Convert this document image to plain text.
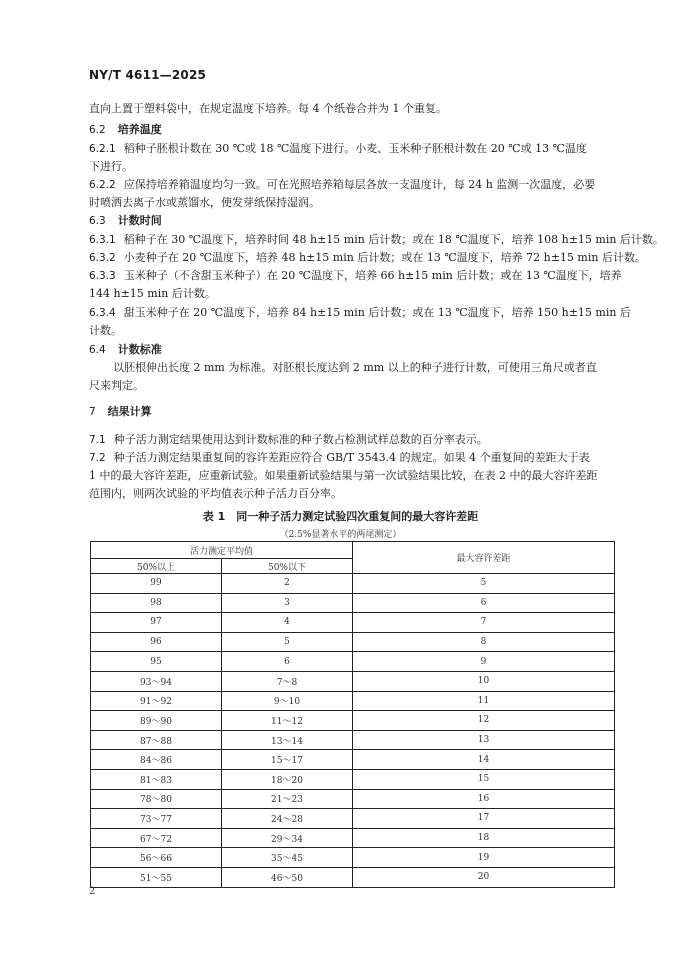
NY/T 4611—2025
直向上置于塑料袋中，在规定温度下培养。每 4 个纸卷合并为 1 个重复。
6.2 培养温度
6.2.1 稻种子胚根计数在 30 ℃或 18 ℃温度下进行。小麦、玉米种子胚根计数在 20 ℃或 13 ℃温度
下进行。
6.2.2 应保持培养箱温度均匀一致。可在光照培养箱每层各放一支温度计，每 24 h 监测一次温度，必要
时喷洒去离子水或蒸馏水，使发芽纸保持湿润。
6.3 计数时间
6.3.1 稻种子在 30 ℃温度下，培养时间 48 h±15 min 后计数；或在 18 ℃温度下，培养 108 h±15 min 后计数。
6.3.2 小麦种子在 20 ℃温度下，培养 48 h±15 min 后计数；或在 13 ℃温度下，培养 72 h±15 min 后计数。
6.3.3 玉米种子（不含甜玉米种子）在 20 ℃温度下，培养 66 h±15 min 后计数；或在 13 ℃温度下，培养
144 h±15 min 后计数。
6.3.4 甜玉米种子在 20 ℃温度下，培养 84 h±15 min 后计数；或在 13 ℃温度下，培养 150 h±15 min 后
计数。
6.4 计数标准
以胚根伸出长度 2 mm 为标准。对胚根长度达到 2 mm 以上的种子进行计数，可使用三角尺或者直
尺来判定。
7 结果计算
7.1 种子活力测定结果使用达到计数标准的种子数占检测试样总数的百分率表示。
7.2 种子活力测定结果重复间的容许差距应符合 GB/T 3543.4 的规定。如果 4 个重复间的差距大于表
1 中的最大容许差距，应重新试验。如果重新试验结果与第一次试验结果比较，在表 2 中的最大容许差距
范围内，则两次试验的平均值表示种子活力百分率。
表 1　同一种子活力测定试验四次重复间的最大容许差距
（2.5%显著水平的两尾测定）
活力测定平均值		最大容许差距
50%以上	50%以下	
99	2	5
98	3	6
97	4	7
96	5	8
95	6	9
93～94	7～8	10
91～92	9～10	11
89～90	11～12	12
87～88	13～14	13
84～86	15～17	14
81～83	18～20	15
78～80	21～23	16
73～77	24～28	17
67～72	29～34	18
56～66	35～45	19
51～55	46～50	20
2
